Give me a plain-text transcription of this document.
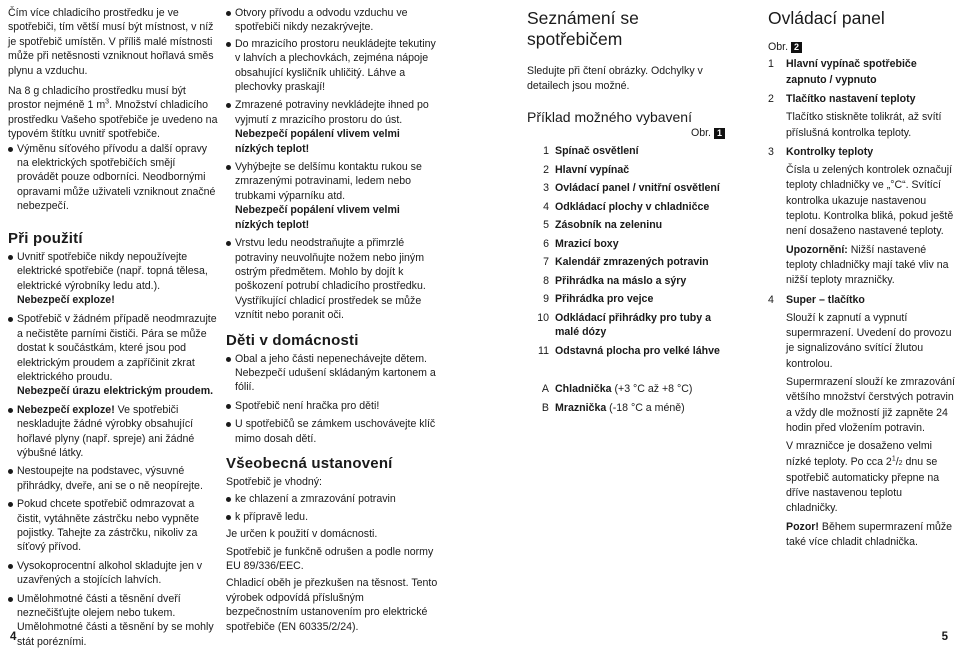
Čím více chladicího prostředku je ve spotřebiči, tím větší musí být místnost, v níž je spotřebič umístěn. V příliš malé místnosti může při netěsnosti vzniknout hořlavá směs plynu a vzduchu.

Na 8 g chladicího prostředku musí být prostor nejméně 1 $m^3$. Množství chladicího prostředku Vašeho spotřebiče je uvedeno na typovém štítku uvnitř spotřebiče.

Výměnu síťového přívodu a další opravy na elektrických spotřebičích smějí provádět pouze odborníci. Neodbornými opravami může uživateli vzniknout značné nebezpečí.

Při použití

Uvnitř spotřebiče nikdy nepoužívejte elektrické spotřebiče (např. topná tělesa, elektrické výrobníky ledu atd.).
Nebezpečí exploze!

Spotřebič v žádném případě neodmrazujte a nečistěte parními čističi. Pára se může dostat k součástkám, které jsou pod elektrickým proudem a zapříčinit zkrat elektrického proudu.
Nebezpečí úrazu elektrickým proudem.

Nebezpečí exploze! Ve spotřebiči neskladujte žádné výrobky obsahující hořlavé plyny (např. spreje) ani žádné výbušné látky.

Nestoupejte na podstavec, výsuvné přihrádky, dveře, ani se o ně neopírejte.

Pokud chcete spotřebič odmrazovat a čistit, vytáhněte zástrčku nebo vypněte pojistky. Tahejte za zástrčku, nikoliv za síťový přívod.

Vysokoprocentní alkohol skladujte jen v uzavřených a stojících lahvích.

Umělohmotné části a těsnění dveří neznečišťujte olejem nebo tukem. Umělohmotné části a těsnění by se mohly stát porézními.

Otvory přívodu a odvodu vzduchu ve spotřebiči nikdy nezakrývejte.

Do mrazicího prostoru neukládejte tekutiny v lahvích a plechovkách, zejména nápoje obsahující kysličník uhličitý. Láhve a plechovky praskají!

Zmrazené potraviny nevkládejte ihned po vyjmutí z mrazicího prostoru do úst.
Nebezpečí popálení vlivem velmi nízkých teplot!

Vyhýbejte se delšímu kontaktu rukou se zmrazenými potravinami, ledem nebo trubkami výparníku atd.
Nebezpečí popálení vlivem velmi nízkých teplot!

Vrstvu ledu neodstraňujte a přimrzlé potraviny neuvolňujte nožem nebo jiným ostrým předmětem. Mohlo by dojít k poškození potrubí chladicího prostředku. Vystříkující chladicí prostředek se může vznítit nebo poranit oči.

Děti v domácnosti

Obal a jeho části nepenechávejte dětem. Nebezpečí udušení skládaným kartonem a fólií.

Spotřebič není hračka pro děti!

U spotřebičů se zámkem uschovávejte klíč mimo dosah dětí.

Všeobecná ustanovení

Spotřebič je vhodný:

ke chlazení a zmrazování potravin

k přípravě ledu.

Je určen k použití v domácnosti.

Spotřebič je funkčně odrušen a podle normy EU 89/336/EEC.

Chladicí oběh je přezkušen na těsnost. Tento výrobek odpovídá příslušným bezpečnostním ustanovením pro elektrické spotřebiče (EN 60335/2/24).

Seznámení se spotřebičem

Sledujte při čtení obrázky. Odchylky v detailech jsou možné.

Příklad možného vybavení
Obr. 1
1 Spínač osvětlení
2 Hlavní vypínač
3 Ovládací panel / vnitřní osvětlení
4 Odkládací plochy v chladničce
5 Zásobník na zeleninu
6 Mrazicí boxy
7 Kalendář zmrazených potravin
8 Přihrádka na máslo a sýry
9 Přihrádka pro vejce
10 Odkládací přihrádky pro tuby a malé dózy
11 Odstavná plocha pro velké láhve
A Chladnička (+3 °C až +8 °C)
B Mraznička (-18 °C a méně)
Ovládací panel
Obr. 2
1	Hlavní vypínač spotřebiče zapnuto / vypnuto
2	Tlačítko nastavení teploty

Tlačítko stiskněte tolikrát, až svítí příslušná kontrolka teploty.

3	Kontrolky teploty

Čísla u zelených kontrolek označují teploty chladničky ve „°C“. Svítící kontrolka ukazuje nastavenou teplotu. Kontrolka bliká, pokud ještě není dosaženo nastavené teploty.

Upozornění: Nižší nastavené teploty chladničky mají také vliv na nižší teploty mrazničky.

4	Super – tlačítko

Slouží k zapnutí a vypnutí supermrazení. Uvedení do provozu je signalizováno svítící žlutou kontrolou.

Supermrazení slouží ke zmrazování většího množství čerstvých potravin a vždy dle možností již zapněte 24 hodin před vložením potravin.

V mrazničce je dosaženo velmi nízké teploty. Po cca $2^1/2$ dnu se spotřebič automaticky přepne na dříve nastavenou teplotu chladničky.

Pozor! Během supermrazení může také více chladit chladnička.

4	5
